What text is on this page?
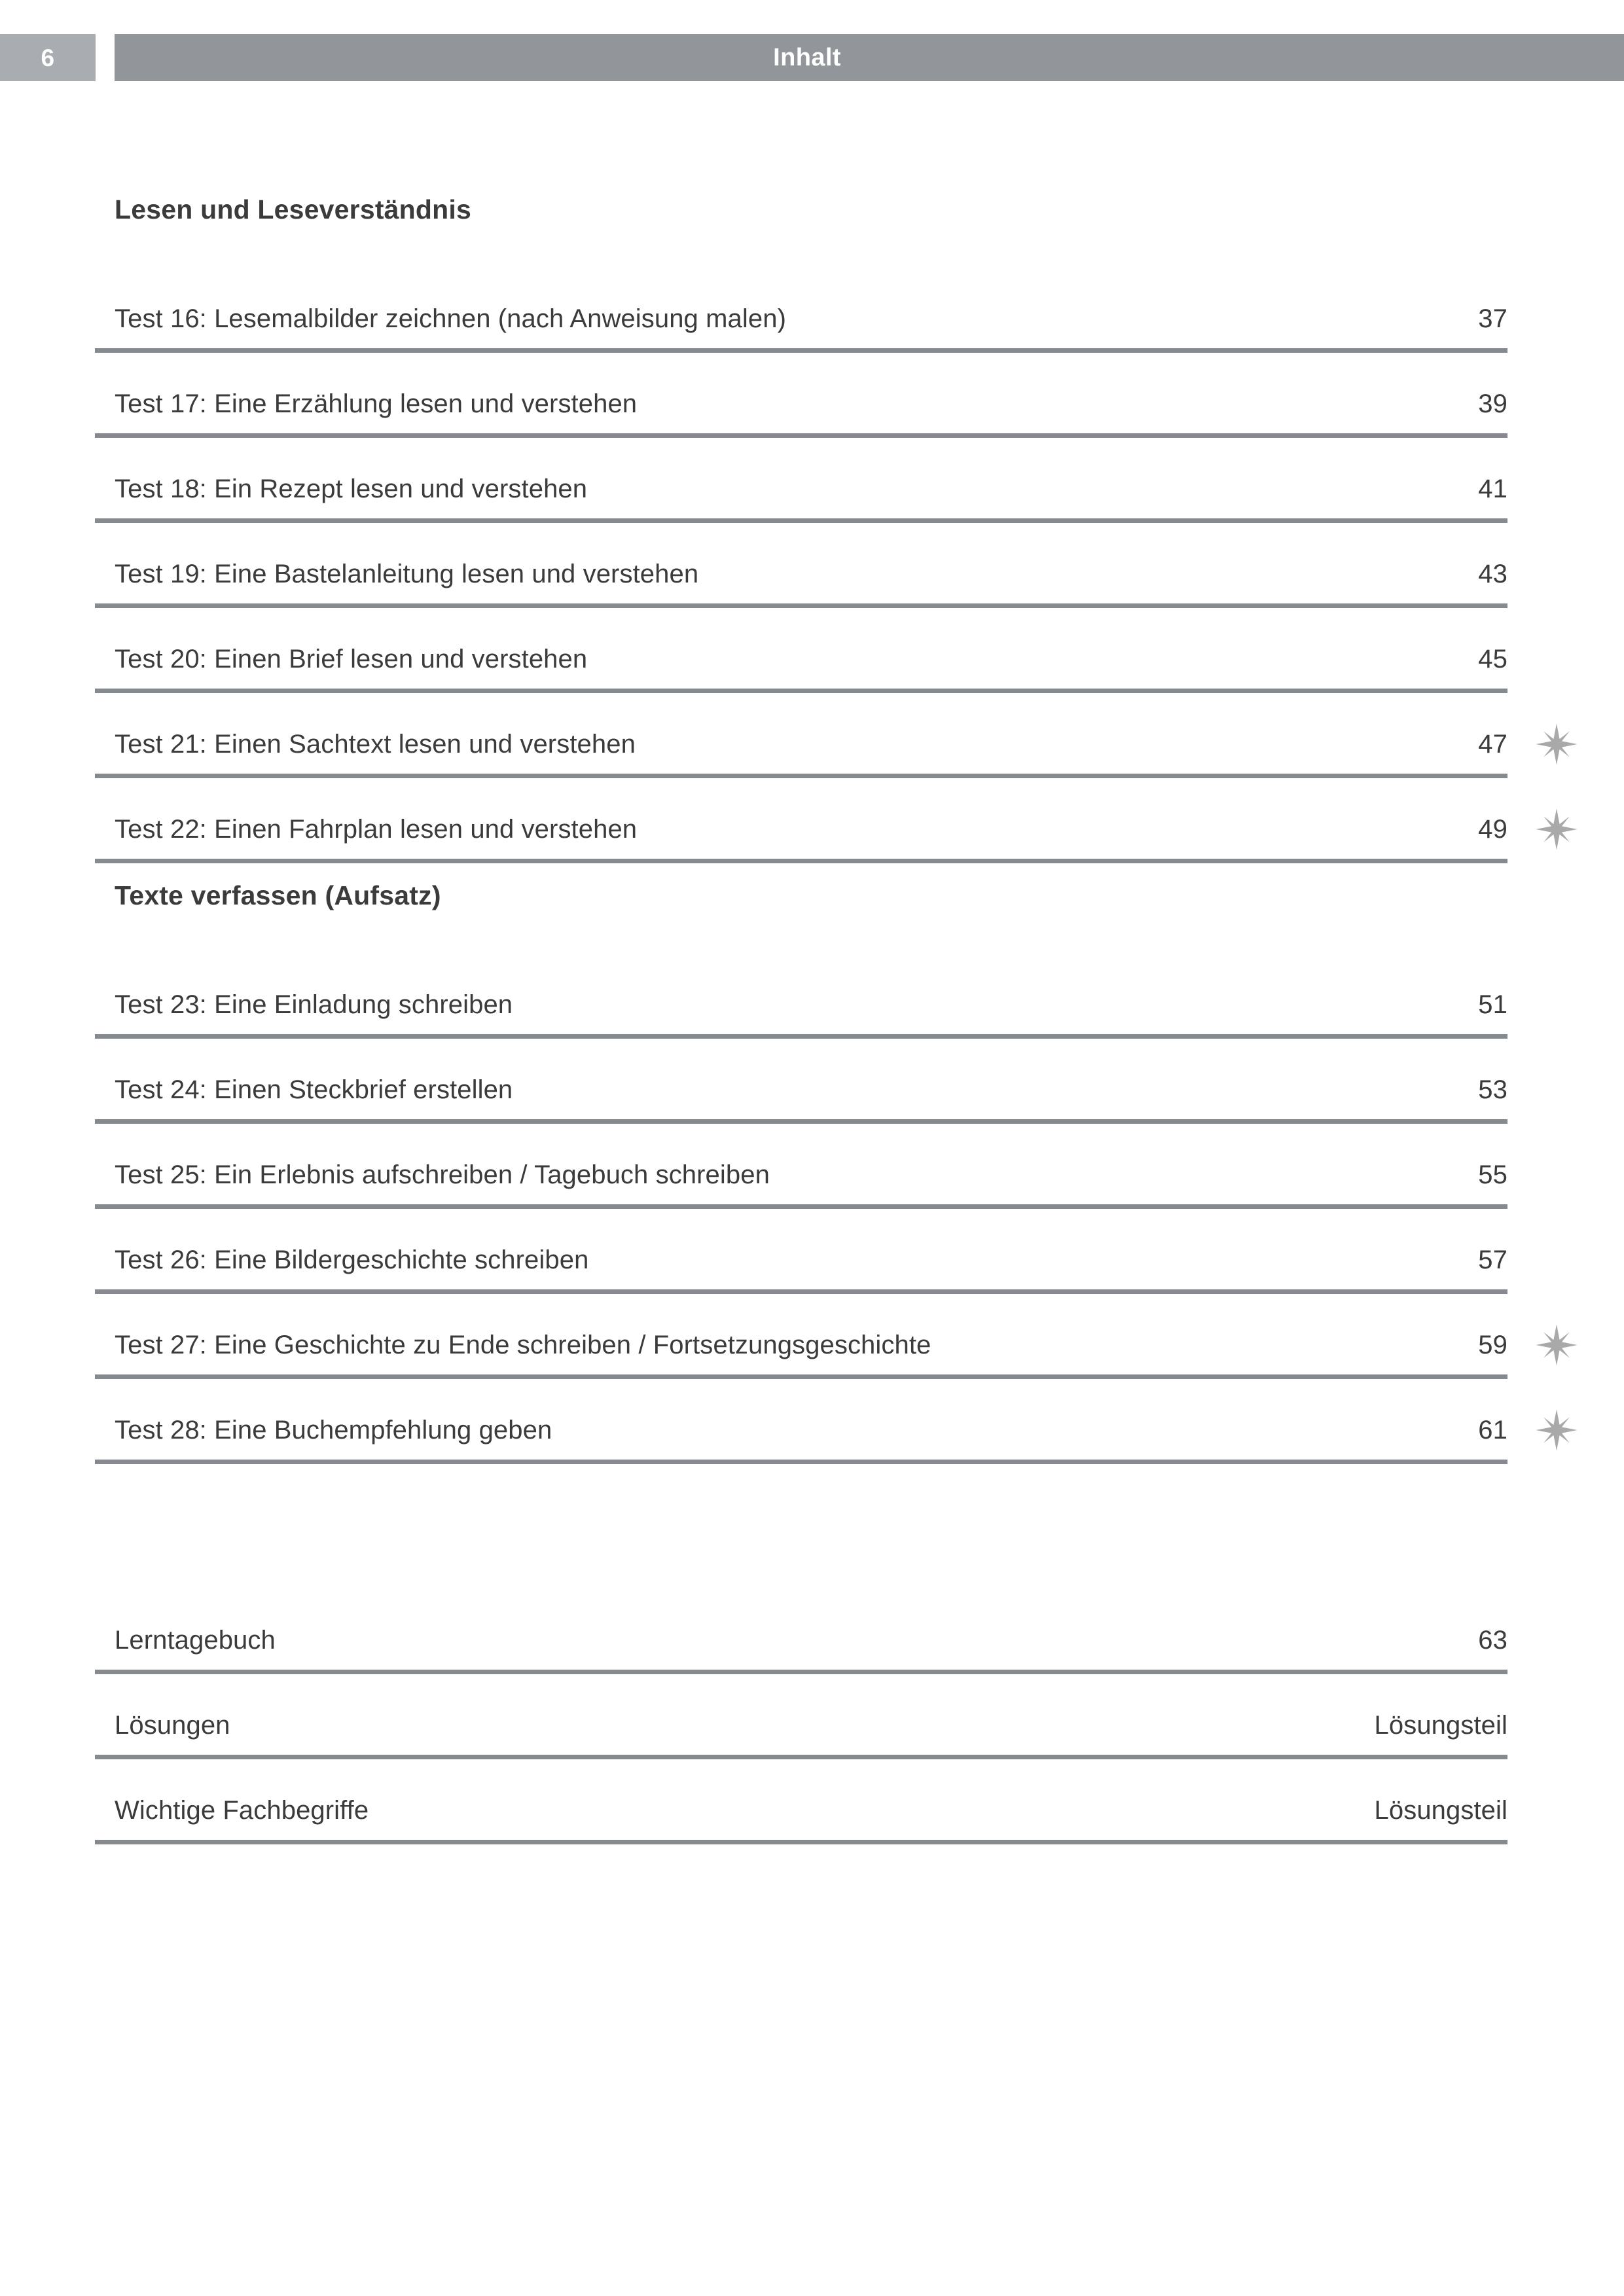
6	Inhalt
Lesen und Leseverständnis
Test 16: Lesemalbilder zeichnen (nach Anweisung malen)	37
Test 17: Eine Erzählung lesen und verstehen	39
Test 18: Ein Rezept lesen und verstehen	41
Test 19: Eine Bastelanleitung lesen und verstehen	43
Test 20: Einen Brief lesen und verstehen	45
Test 21: Einen Sachtext lesen und verstehen	47
Test 22: Einen Fahrplan lesen und verstehen	49
Texte verfassen (Aufsatz)
Test 23: Eine Einladung schreiben	51
Test 24: Einen Steckbrief erstellen	53
Test 25: Ein Erlebnis aufschreiben / Tagebuch schreiben	55
Test 26: Eine Bildergeschichte schreiben	57
Test 27: Eine Geschichte zu Ende schreiben / Fortsetzungsgeschichte	59
Test 28: Eine Buchempfehlung geben	61
Lerntagebuch	63
Lösungen	Lösungsteil
Wichtige Fachbegriffe	Lösungsteil
